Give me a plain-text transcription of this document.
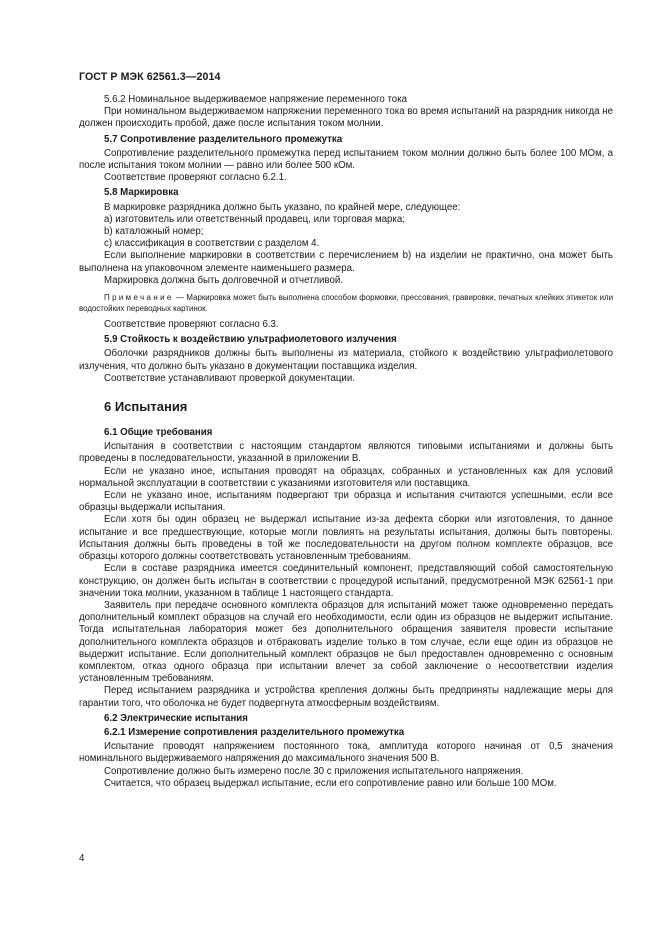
ГОСТ Р МЭК 62561.3—2014

5.6.2 Номинальное выдерживаемое напряжение переменного тока

При номинальном выдерживаемом напряжении переменного тока во время испытаний на разрядник никогда не должен происходить пробой, даже после испытания током молнии.

5.7 Сопротивление разделительного промежутка

Сопротивление разделительного промежутка перед испытанием током молнии должно быть более 100 МОм, а после испытания током молнии — равно или более 500 кОм.

Соответствие проверяют согласно 6.2.1.

5.8 Маркировка

В маркировке разрядника должно быть указано, по крайней мере, следующее:

a) изготовитель или ответственный продавец, или торговая марка;

b) каталожный номер;

c) классификация в соответствии с разделом 4.

Если выполнение маркировки в соответствии с перечислением b) на изделии не практично, она может быть выполнена на упаковочном элементе наименьшего размера.

Маркировка должна быть долговечной и отчетливой.

Примечание — Маркировка может быть выполнена способом формовки, прессования, гравировки, печатных клейких этикеток или водостойких переводных картинок.

Соответствие проверяют согласно 6.3.

5.9 Стойкость к воздействию ультрафиолетового излучения

Оболочки разрядников должны быть выполнены из материала, стойкого к воздействию ультрафиолетового излучения, что должно быть указано в документации поставщика изделия.

Соответствие устанавливают проверкой документации.

6 Испытания

6.1 Общие требования

Испытания в соответствии с настоящим стандартом являются типовыми испытаниями и должны быть проведены в последовательности, указанной в приложении В.

Если не указано иное, испытания проводят на образцах, собранных и установленных как для условий нормальной эксплуатации в соответствии с указаниями изготовителя или поставщика.

Если не указано иное, испытаниям подвергают три образца и испытания считаются успешными, если все образцы выдержали испытания.

Если хотя бы один образец не выдержал испытание из-за дефекта сборки или изготовления, то данное испытание и все предшествующие, которые могли повлиять на результаты испытания, должны быть повторены. Испытания должны быть проведены в той же последовательности на другом полном комплекте образцов, все образцы которого должны соответствовать установленным требованиям.

Если в составе разрядника имеется соединительный компонент, представляющий собой самостоятельную конструкцию, он должен быть испытан в соответствии с процедурой испытаний, предусмотренной МЭК 62561-1 при значении тока молнии, указанном в таблице 1 настоящего стандарта.

Заявитель при передаче основного комплекта образцов для испытаний может также одновременно передать дополнительный комплект образцов на случай его необходимости, если один из образцов не выдержит испытание. Тогда испытательная лаборатория может без дополнительного обращения заявителя провести испытание дополнительного комплекта образцов и отбраковать изделие только в том случае, если еще один из образцов не выдержит испытание. Если дополнительный комплект образцов не был предоставлен одновременно с основным комплектом, отказ одного образца при испытании влечет за собой заключение о несоответствии изделия установленным требованиям.

Перед испытанием разрядника и устройства крепления должны быть предприняты надлежащие меры для гарантии того, что оболочка не будет подвергнута атмосферным воздействиям.

6.2 Электрические испытания

6.2.1 Измерение сопротивления разделительного промежутка

Испытание проводят напряжением постоянного тока, амплитуда которого начиная от 0,5 значения номинального выдерживаемого напряжения до максимального значения 500 В.

Сопротивление должно быть измерено после 30 с приложения испытательного напряжения.

Считается, что образец выдержал испытание, если его сопротивление равно или больше 100 МОм.

4
